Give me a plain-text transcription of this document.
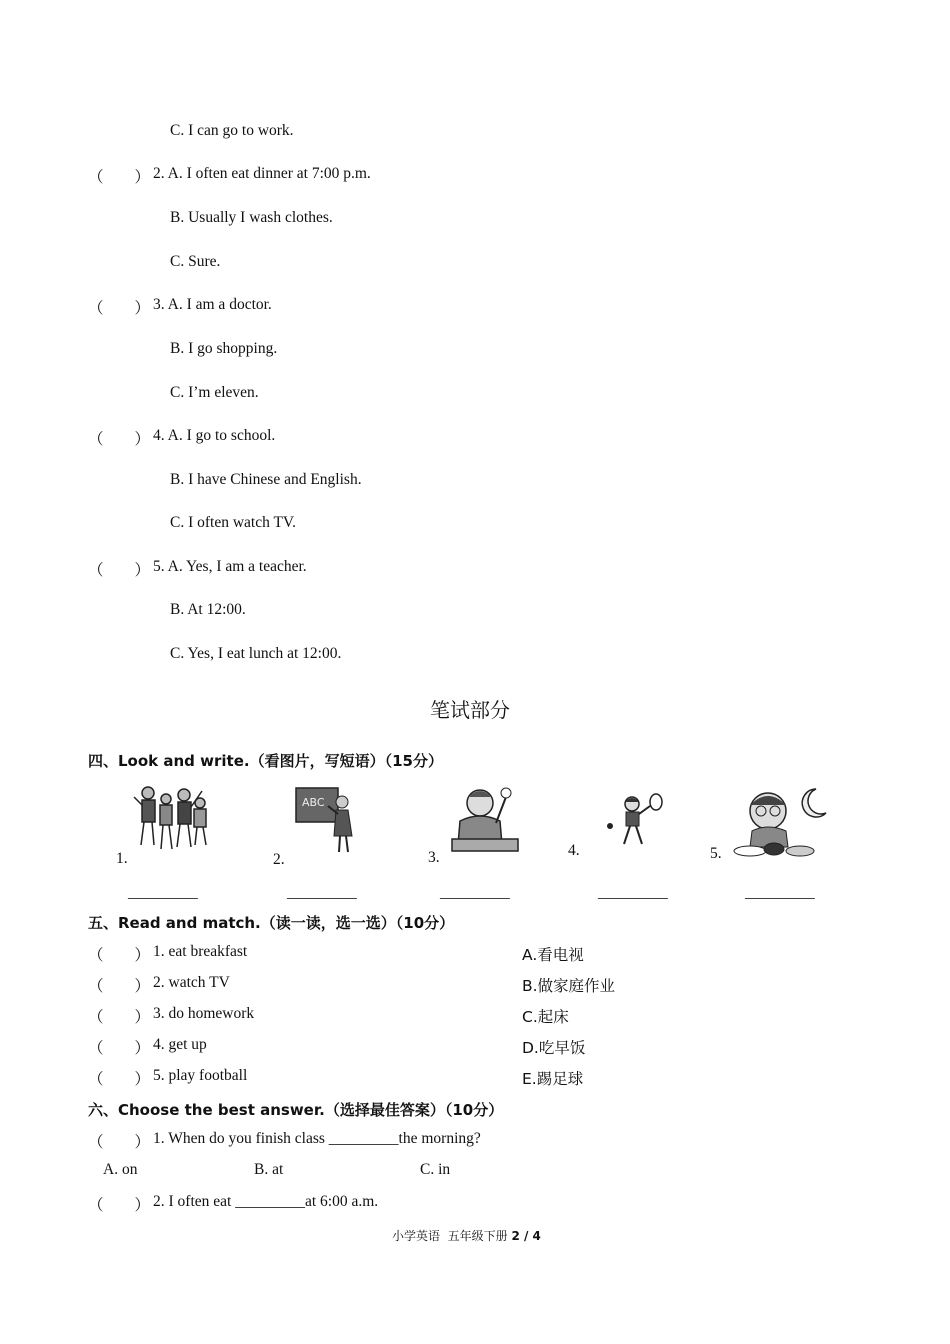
C. I can go to work.
（　　） 2. A. I often eat dinner at 7:00 p.m.
B. Usually I wash clothes.
C. Sure.
（　　） 3. A. I am a doctor.
B. I go shopping.
C. I’m eleven.
（　　） 4. A. I go to school.
B. I have Chinese and English.
C. I often watch TV.
（　　） 5. A. Yes, I am a teacher.
B. At 12:00.
C. Yes, I eat lunch at 12:00.
笔试部分
四、Look and write.（看图片，写短语）（15分）
1.
ABC
2.	3.	4.	5.
_________	_________	_________	_________	_________
五、Read and match.（读一读，选一选）（10分）
（　　） 1. eat breakfast	A.看电视
（　　） 2. watch TV	B.做家庭作业
（　　） 3. do homework	C.起床
（　　） 4. get up	D.吃早饭
（　　） 5. play football	E.踢足球
六、Choose the best answer.（选择最佳答案）（10分）
（　　） 1. When do you finish class _________the morning?
A. on	B. at	C. in
（　　） 2. I often eat _________at 6:00 a.m.
小学英语  五年级下册 2 / 4
